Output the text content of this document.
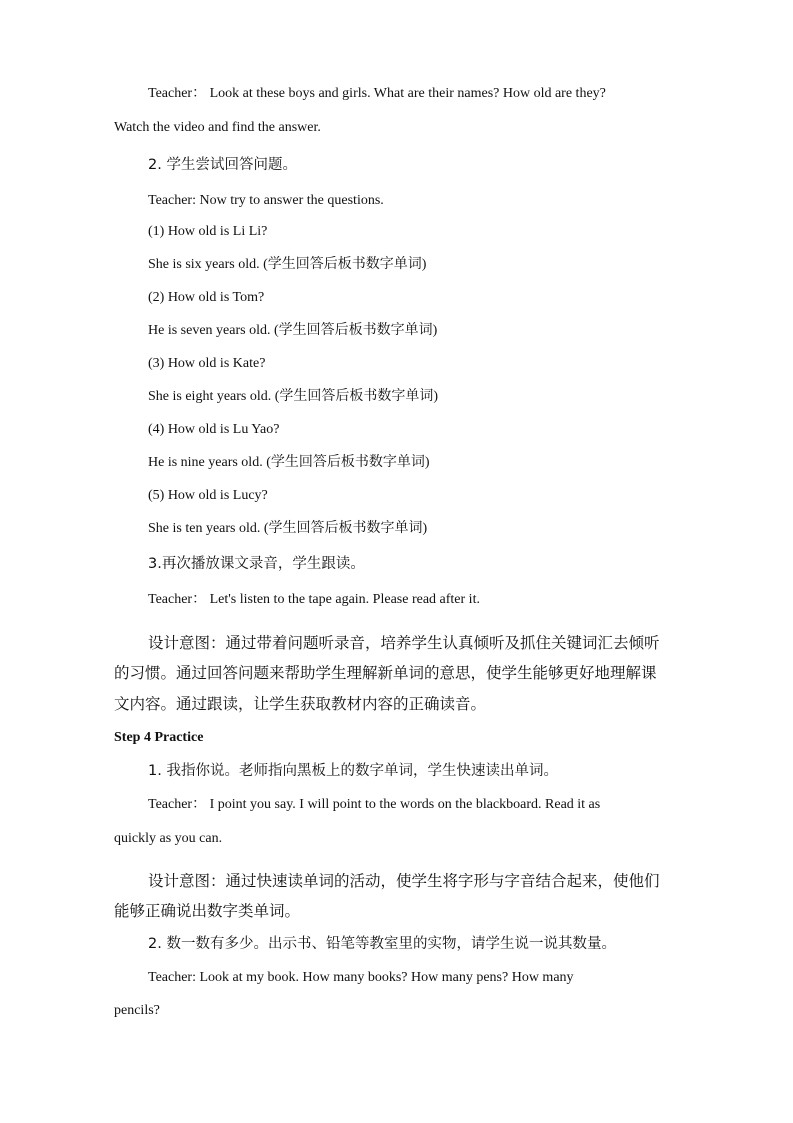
Teacher： Look at these boys and girls. What are their names? How old are they?
Watch the video and find the answer.
2. 学生尝试回答问题。
Teacher: Now try to answer the questions.
(1) How old is Li Li?
She is six years old. (学生回答后板书数字单词)
(2) How old is Tom?
He is seven years old. (学生回答后板书数字单词)
(3) How old is Kate?
She is eight years old. (学生回答后板书数字单词)
(4) How old is Lu Yao?
He is nine years old. (学生回答后板书数字单词)
(5) How old is Lucy?
She is ten years old. (学生回答后板书数字单词)
3.再次播放课文录音，学生跟读。
Teacher： Let's listen to the tape again. Please read after it.
设计意图：通过带着问题听录音，培养学生认真倾听及抓住关键词汇去倾听
的习惯。通过回答问题来帮助学生理解新单词的意思，使学生能够更好地理解课
文内容。通过跟读，让学生获取教材内容的正确读音。
Step 4 Practice
1. 我指你说。老师指向黑板上的数字单词，学生快速读出单词。
Teacher： I point you say. I will point to the words on the blackboard. Read it as
quickly as you can.
设计意图：通过快速读单词的活动，使学生将字形与字音结合起来，使他们
能够正确说出数字类单词。
2. 数一数有多少。出示书、铅笔等教室里的实物，请学生说一说其数量。
Teacher: Look at my book. How many books? How many pens? How many
pencils?
